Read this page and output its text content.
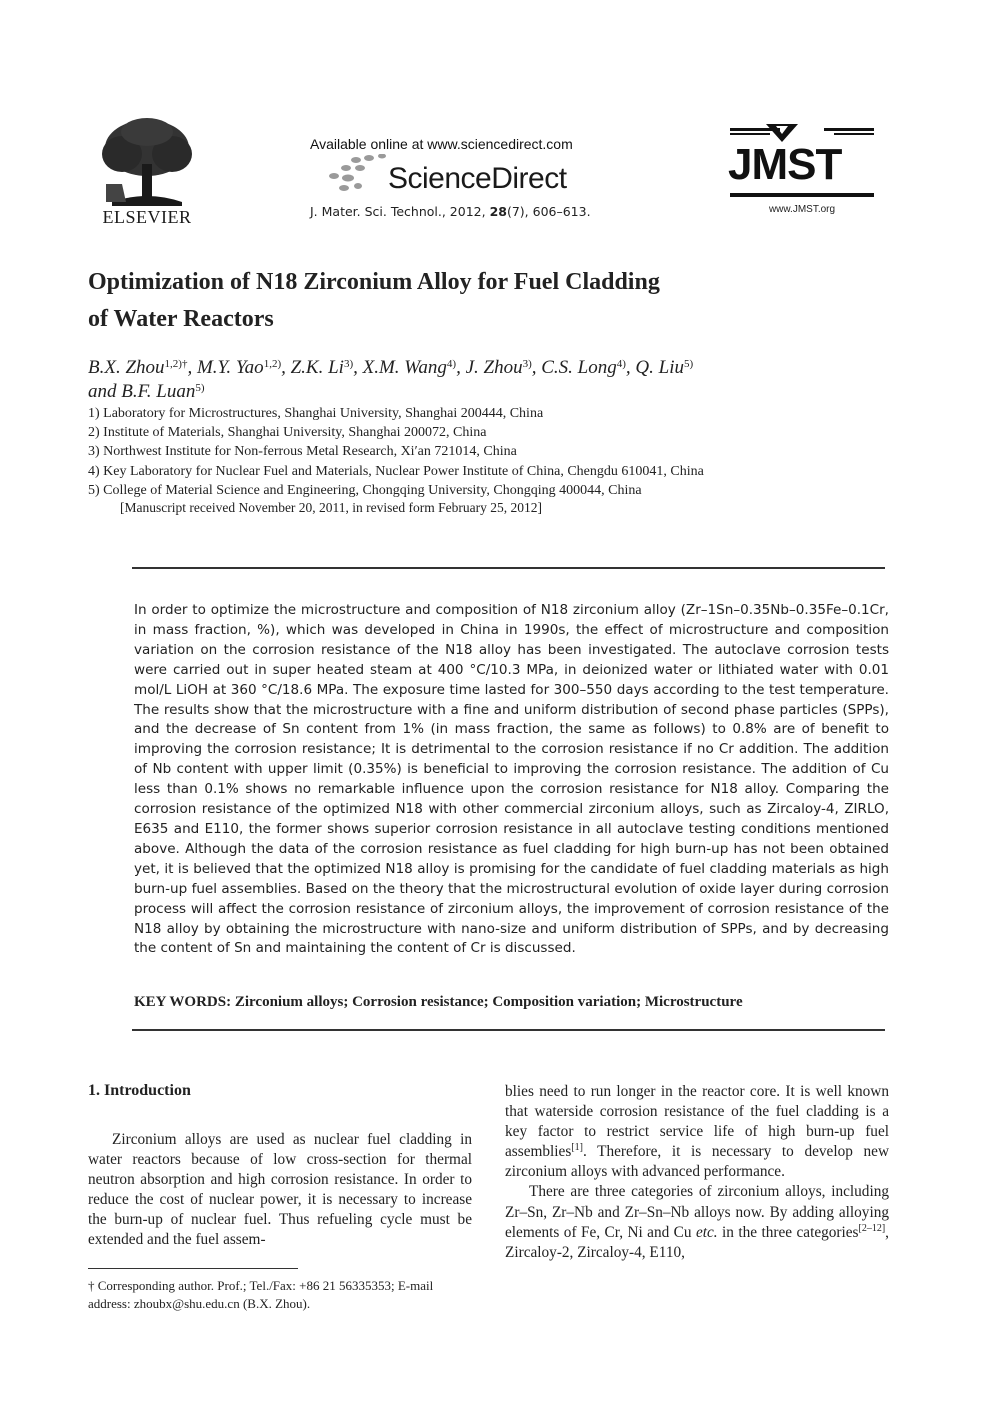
ELSEVIER
Available online at www.sciencedirect.com
ScienceDirect
J. Mater. Sci. Technol., 2012, 28(7), 606–613.
JMST
www.JMST.org
Optimization of N18 Zirconium Alloy for Fuel Cladding
of Water Reactors
B.X. Zhou$^{1,2)\dagger}$, M.Y. Yao$^{1,2)}$, Z.K. Li$^{3)}$, X.M. Wang$^{4)}$, J. Zhou$^{3)}$, C.S. Long$^{4)}$, Q. Liu$^{5)}$
and B.F. Luan$^{5)}$
1) Laboratory for Microstructures, Shanghai University, Shanghai 200444, China
2) Institute of Materials, Shanghai University, Shanghai 200072, China
3) Northwest Institute for Non-ferrous Metal Research, Xi′an 721014, China
4) Key Laboratory for Nuclear Fuel and Materials, Nuclear Power Institute of China, Chengdu 610041, China
5) College of Material Science and Engineering, Chongqing University, Chongqing 400044, China
[Manuscript received November 20, 2011, in revised form February 25, 2012]
In order to optimize the microstructure and composition of N18 zirconium alloy (Zr–1Sn–0.35Nb–0.35Fe–0.1Cr, in mass fraction, %), which was developed in China in 1990s, the effect of microstructure and composition variation on the corrosion resistance of the N18 alloy has been investigated. The autoclave corrosion tests were carried out in super heated steam at 400 °C/10.3 MPa, in deionized water or lithiated water with 0.01 mol/L LiOH at 360 °C/18.6 MPa. The exposure time lasted for 300–550 days according to the test temperature. The results show that the microstructure with a fine and uniform distribution of second phase particles (SPPs), and the decrease of Sn content from 1% (in mass fraction, the same as follows) to 0.8% are of benefit to improving the corrosion resistance; It is detrimental to the corrosion resistance if no Cr addition. The addition of Nb content with upper limit (0.35%) is beneficial to improving the corrosion resistance. The addition of Cu less than 0.1% shows no remarkable influence upon the corrosion resistance for N18 alloy. Comparing the corrosion resistance of the optimized N18 with other commercial zirconium alloys, such as Zircaloy-4, ZIRLO, E635 and E110, the former shows superior corrosion resistance in all autoclave testing conditions mentioned above. Although the data of the corrosion resistance as fuel cladding for high burn-up has not been obtained yet, it is believed that the optimized N18 alloy is promising for the candidate of fuel cladding materials as high burn-up fuel assemblies. Based on the theory that the microstructural evolution of oxide layer during corrosion process will affect the corrosion resistance of zirconium alloys, the improvement of corrosion resistance of the N18 alloy by obtaining the microstructure with nano-size and uniform distribution of SPPs, and by decreasing the content of Sn and maintaining the content of Cr is discussed.
KEY WORDS: Zirconium alloys; Corrosion resistance; Composition variation; Microstructure
1. Introduction

Zirconium alloys are used as nuclear fuel cladding in water reactors because of low cross-section for thermal neutron absorption and high corrosion resistance. In order to reduce the cost of nuclear power, it is necessary to increase the burn-up of nuclear fuel. Thus refueling cycle must be extended and the fuel assem-

blies need to run longer in the reactor core. It is well known that waterside corrosion resistance of the fuel cladding is a key factor to restrict service life of high burn-up fuel assemblies[1]. Therefore, it is necessary to develop new zirconium alloys with advanced performance.

There are three categories of zirconium alloys, including Zr–Sn, Zr–Nb and Zr–Sn–Nb alloys now. By adding alloying elements of Fe, Cr, Ni and Cu etc. in the three categories[2–12], Zircaloy-2, Zircaloy-4, E110,

† Corresponding author. Prof.; Tel./Fax: +86 21 56335353; E-mail address: zhoubx@shu.edu.cn (B.X. Zhou).
